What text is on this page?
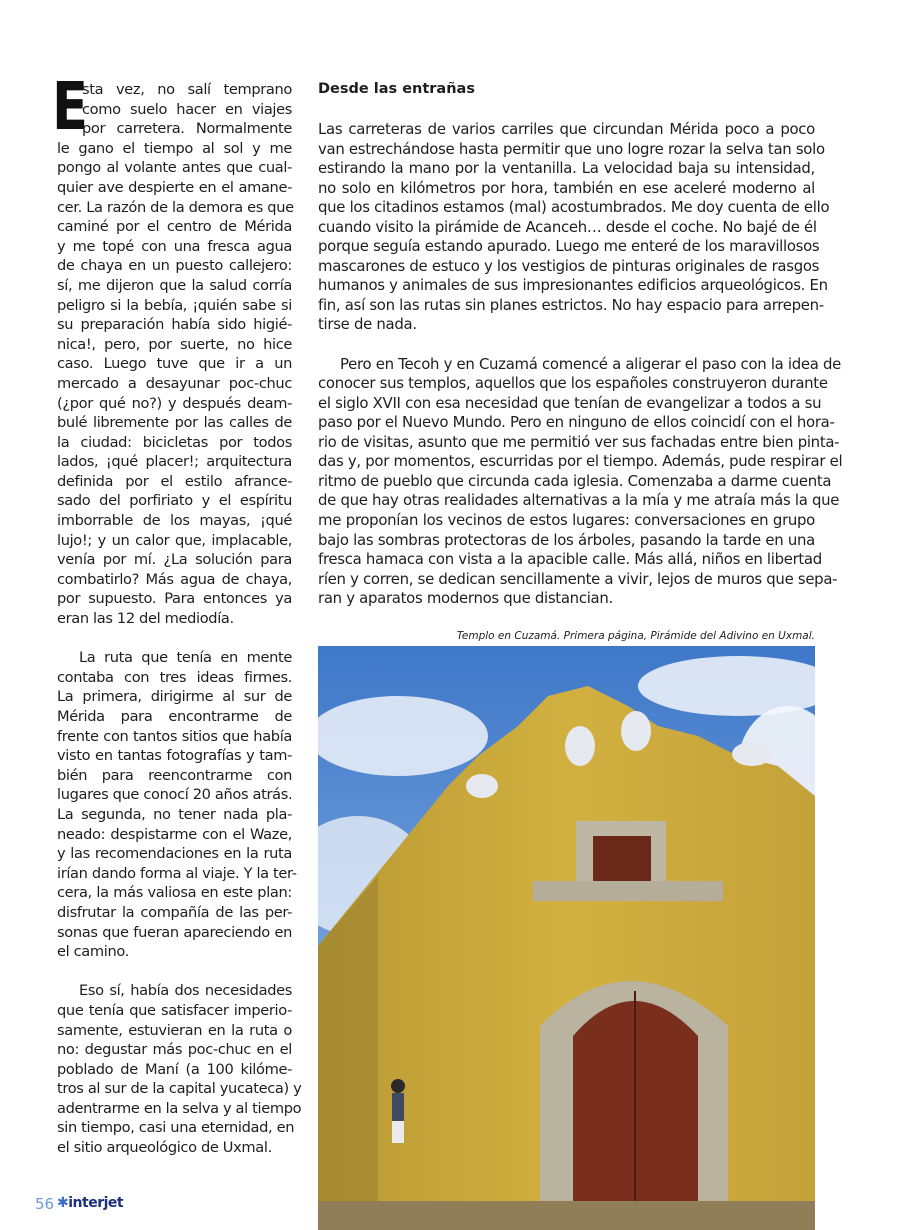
E
sta vez, no salí temprano
como suelo hacer en viajes
por carretera. Normalmente
le gano el tiempo al sol y me
pongo al volante antes que cual-
quier ave despierte en el amane-
cer. La razón de la demora es que
caminé por el centro de Mérida
y me topé con una fresca agua
de chaya en un puesto callejero:
sí, me dijeron que la salud corría
peligro si la bebía, ¡quién sabe si
su preparación había sido higié-
nica!, pero, por suerte, no hice
caso. Luego tuve que ir a un
mercado a desayunar poc-chuc
(¿por qué no?) y después deam-
bulé libremente por las calles de
la ciudad: bicicletas por todos
lados, ¡qué placer!; arquitectura
definida por el estilo afrance-
sado del porfiriato y el espíritu
imborrable de los mayas, ¡qué
lujo!; y un calor que, implacable,
venía por mí. ¿La solución para
combatirlo? Más agua de chaya,
por supuesto. Para entonces ya
eran las 12 del mediodía.
La ruta que tenía en mente
contaba con tres ideas firmes.
La primera, dirigirme al sur de
Mérida para encontrarme de
frente con tantos sitios que había
visto en tantas fotografías y tam-
bién para reencontrarme con
lugares que conocí 20 años atrás.
La segunda, no tener nada pla-
neado: despistarme con el Waze,
y las recomendaciones en la ruta
irían dando forma al viaje. Y la ter-
cera, la más valiosa en este plan:
disfrutar la compañía de las per-
sonas que fueran apareciendo en
el camino.
Eso sí, había dos necesidades
que tenía que satisfacer imperio-
samente, estuvieran en la ruta o
no: degustar más poc-chuc en el
poblado de Maní (a 100 kilóme-
tros al sur de la capital yucateca) y
adentrarme en la selva y al tiempo
sin tiempo, casi una eternidad, en
el sitio arqueológico de Uxmal.
Desde las entrañas
Las carreteras de varios carriles que circundan Mérida poco a poco
van estrechándose hasta permitir que uno logre rozar la selva tan solo
estirando la mano por la ventanilla. La velocidad baja su intensidad,
no solo en kilómetros por hora, también en ese aceleré moderno al
que los citadinos estamos (mal) acostumbrados. Me doy cuenta de ello
cuando visito la pirámide de Acanceh… desde el coche. No bajé de él
porque seguía estando apurado. Luego me enteré de los maravillosos
mascarones de estuco y los vestigios de pinturas originales de rasgos
humanos y animales de sus impresionantes edificios arqueológicos. En
fin, así son las rutas sin planes estrictos. No hay espacio para arrepen-
tirse de nada.
Pero en Tecoh y en Cuzamá comencé a aligerar el paso con la idea de
conocer sus templos, aquellos que los españoles construyeron durante
el siglo XVII con esa necesidad que tenían de evangelizar a todos a su
paso por el Nuevo Mundo. Pero en ninguno de ellos coincidí con el hora-
rio de visitas, asunto que me permitió ver sus fachadas entre bien pinta-
das y, por momentos, escurridas por el tiempo. Además, pude respirar el
ritmo de pueblo que circunda cada iglesia. Comenzaba a darme cuenta
de que hay otras realidades alternativas a la mía y me atraía más la que
me proponían los vecinos de estos lugares: conversaciones en grupo
bajo las sombras protectoras de los árboles, pasando la tarde en una
fresca hamaca con vista a la apacible calle. Más allá, niños en libertad
ríen y corren, se dedican sencillamente a vivir, lejos de muros que sepa-
ran y aparatos modernos que distancian.
Templo en Cuzamá. Primera página, Pirámide del Adivino en Uxmal.
56 ✱interjet
